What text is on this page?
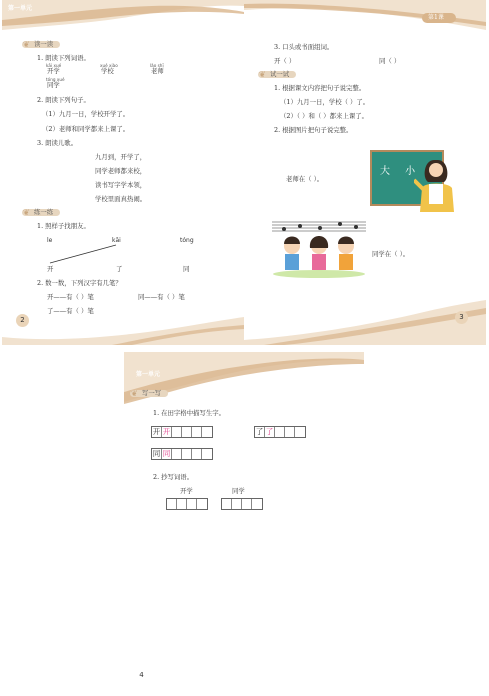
第一单元
❦ 读一读
1. 朗读下列词语。
kāi xué	xué xiào	lǎo shī
开学	学校	老师
tóng xué
同学
2. 朗读下列句子。
（1）九月一日，学校开学了。
（2）老师和同学都来上课了。
3. 朗读儿歌。
九月到，开学了，
同学老师都来校，
读书写字学本领，
学校里面真热闹。
❦ 练一练
1. 照样子找朋友。
le	kāi	tóng
开	了	同
2. 数一数，下列汉字有几笔？
开——有（ ）笔	同——有（ ）笔
了——有（ ）笔
2
第1课
3. 口头或书面组词。
开（ ）	同（ ）
❦ 试一试
1. 根据课文内容把句子说完整。
（1）九月一日，学校（ ）了。
（2）（ ）和（ ）都来上课了。
2. 根据图片把句子说完整。
老师在（ ）。
大 小
同学在（ ）。
3
第一单元
❦ 写一写
1. 在田字格中描写生字。
开 开	了 了
同 同
2. 抄写词语。
开学	同学
4
